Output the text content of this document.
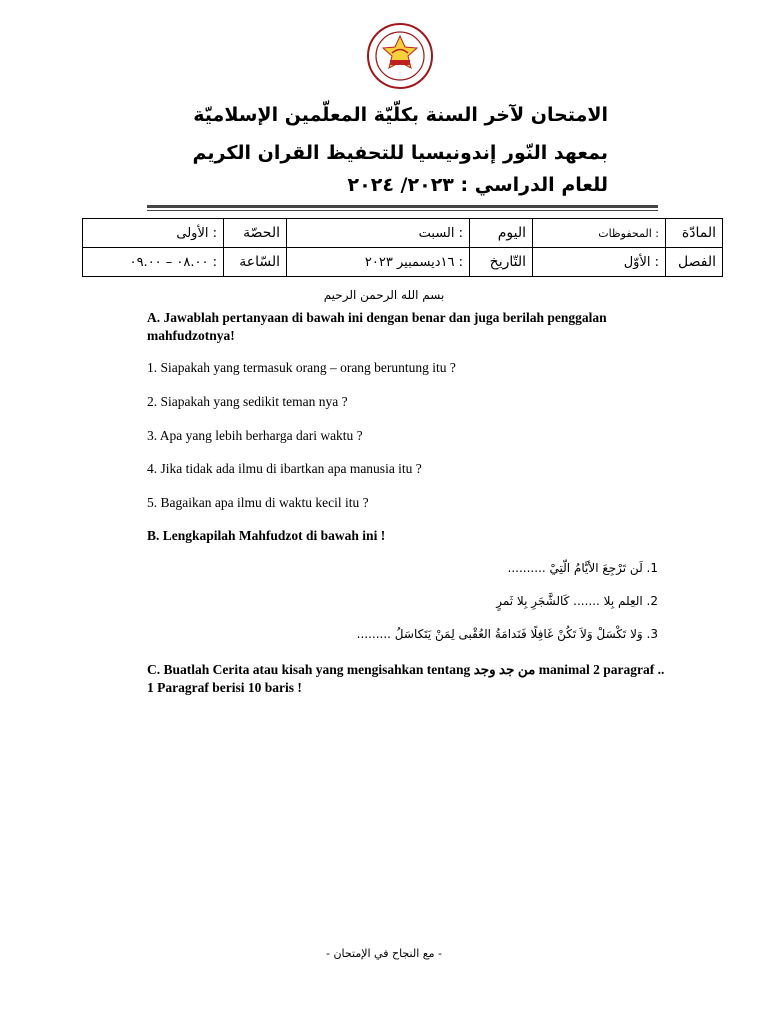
الامتحان لآخر السنة بكلّيّة المعلّمين الإسلاميّة
بمعهد النّور إندونيسيا للتحفيظ القران الكريم
للعام الدراسي : ٢٠٢٣/ ٢٠٢٤
المادّة	: المحفوظات	اليوم	: السبت	الحصّة	: الأولى
الفصل	: الأوّل	التّاريخ	: ١٦ديسمبير ٢٠٢٣	السّاعة	: ٠٨.٠٠ – ٠٩.٠٠
بسم الله الرحمن الرحيم
A. Jawablah pertanyaan di bawah ini dengan benar dan juga berilah penggalan mahfudzotnya!
1. Siapakah yang termasuk orang – orang beruntung itu ?
2. Siapakah yang sedikit teman nya ?
3. Apa yang lebih berharga dari waktu ?
4. Jika tidak ada ilmu di ibartkan apa manusia itu ?
5. Bagaikan apa ilmu di waktu kecil itu ?
B. Lengkapilah Mahfudzot di bawah ini !
1. لَن تَرْجِعَ الأيَّامُ الّتِيْ ..........
2. العِلم بِلا ....... كَالشَّجَرِ بِلا ثَمرٍ
3. وَلا تَكْسَلْ وَلاَ تَكُنْ غَافِلًا فَنَدامَةُ العُقْبى لِمَنْ يَتَكاسَلُ .........
C. Buatlah Cerita atau kisah yang mengisahkan tentang من جد وجد manimal 2 paragraf .. 1 Paragraf berisi 10 baris !
- مع النجاح في الإمتحان -
